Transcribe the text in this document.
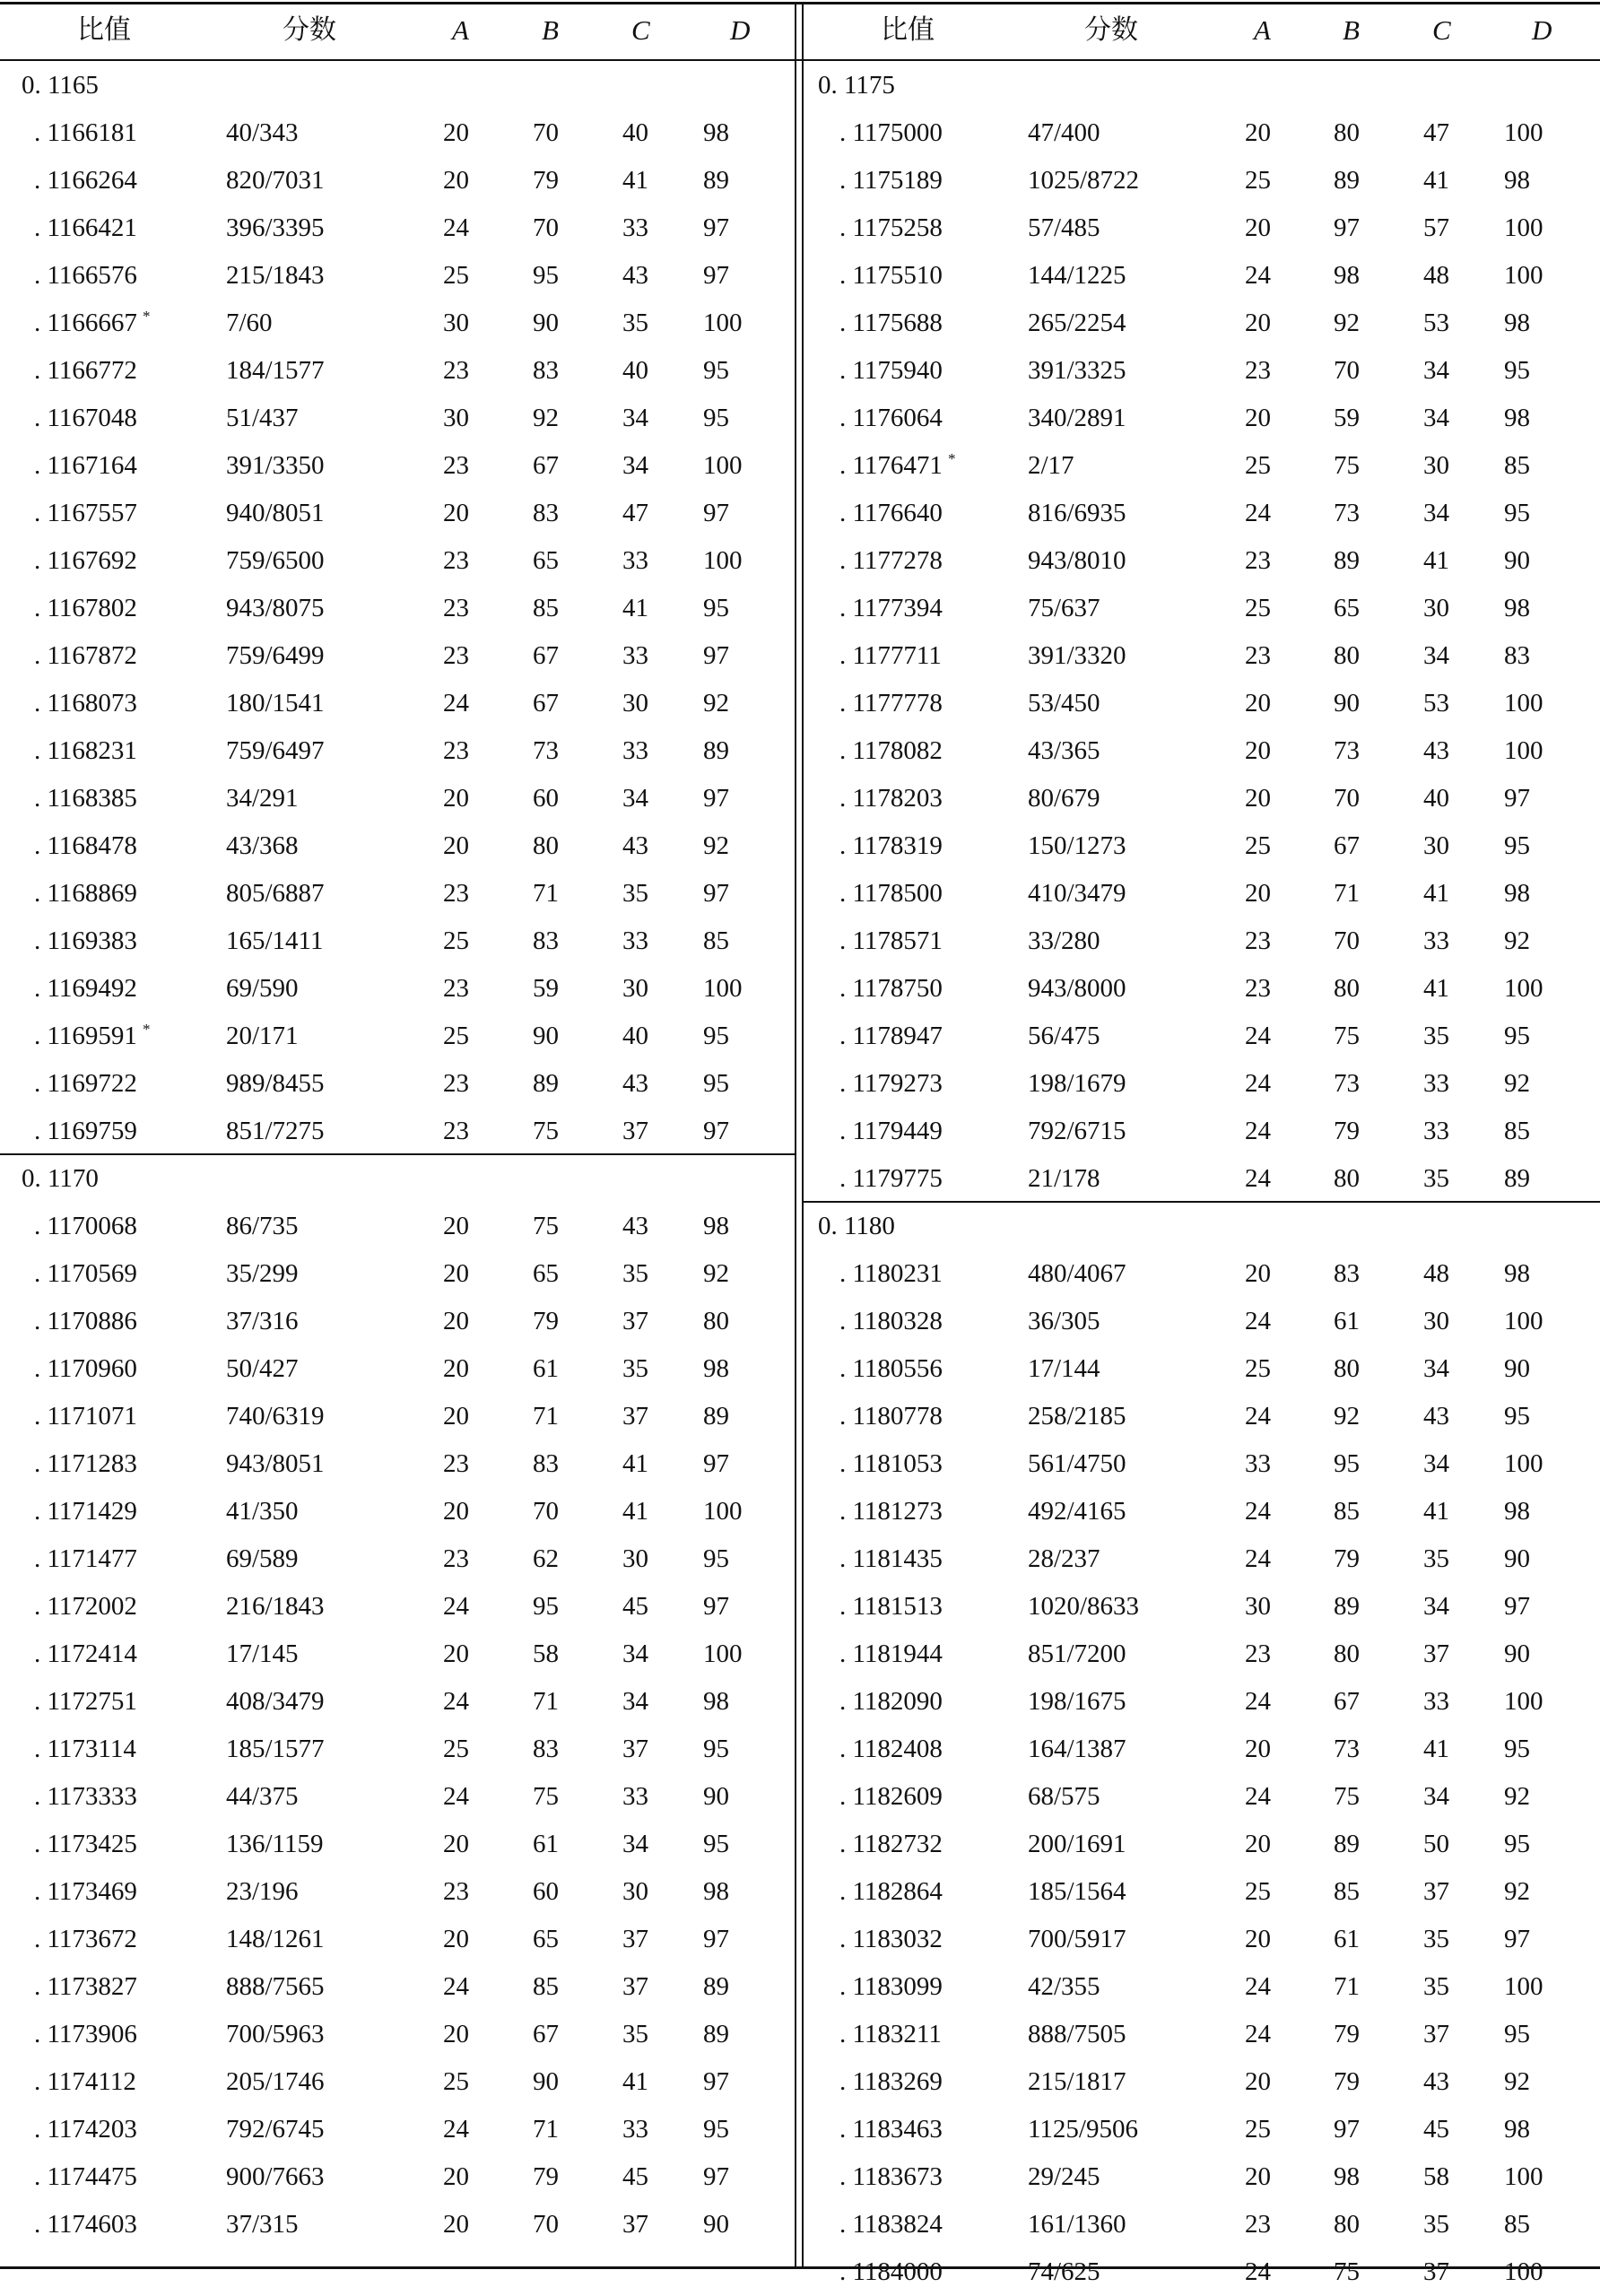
比值	分数	A	B	C	D
0. 1165
. 1166181	40/343	20 70 40 98
. 1166264	820/7031	20 79 41 89
. 1166421	396/3395	24 70 33 97
. 1166576	215/1843	25 95 43 97
. 1166667 *	7/60	30 90 35 100
. 1166772	184/1577	23 83 40 95
. 1167048	51/437	30 92 34 95
. 1167164	391/3350	23 67 34 100
. 1167557	940/8051	20 83 47 97
. 1167692	759/6500	23 65 33 100
. 1167802	943/8075	23 85 41 95
. 1167872	759/6499	23 67 33 97
. 1168073	180/1541	24 67 30 92
. 1168231	759/6497	23 73 33 89
. 1168385	34/291	20 60 34 97
. 1168478	43/368	20 80 43 92
. 1168869	805/6887	23 71 35 97
. 1169383	165/1411	25 83 33 85
. 1169492	69/590	23 59 30 100
. 1169591 *	20/171	25 90 40 95
. 1169722	989/8455	23 89 43 95
. 1169759	851/7275	23 75 37 97
0. 1170
. 1170068	86/735	20 75 43 98
. 1170569	35/299	20 65 35 92
. 1170886	37/316	20 79 37 80
. 1170960	50/427	20 61 35 98
. 1171071	740/6319	20 71 37 89
. 1171283	943/8051	23 83 41 97
. 1171429	41/350	20 70 41 100
. 1171477	69/589	23 62 30 95
. 1172002	216/1843	24 95 45 97
. 1172414	17/145	20 58 34 100
. 1172751	408/3479	24 71 34 98
. 1173114	185/1577	25 83 37 95
. 1173333	44/375	24 75 33 90
. 1173425	136/1159	20 61 34 95
. 1173469	23/196	23 60 30 98
. 1173672	148/1261	20 65 37 97
. 1173827	888/7565	24 85 37 89
. 1173906	700/5963	20 67 35 89
. 1174112	205/1746	25 90 41 97
. 1174203	792/6745	24 71 33 95
. 1174475	900/7663	20 79 45 97
. 1174603	37/315	20 70 37 90
比值	分数	A	B	C	D
0. 1175
. 1175000	47/400	20 80 47 100
. 1175189	1025/8722	25 89 41 98
. 1175258	57/485	20 97 57 100
. 1175510	144/1225	24 98 48 100
. 1175688	265/2254	20 92 53 98
. 1175940	391/3325	23 70 34 95
. 1176064	340/2891	20 59 34 98
. 1176471 *	2/17	25 75 30 85
. 1176640	816/6935	24 73 34 95
. 1177278	943/8010	23 89 41 90
. 1177394	75/637	25 65 30 98
. 1177711	391/3320	23 80 34 83
. 1177778	53/450	20 90 53 100
. 1178082	43/365	20 73 43 100
. 1178203	80/679	20 70 40 97
. 1178319	150/1273	25 67 30 95
. 1178500	410/3479	20 71 41 98
. 1178571	33/280	23 70 33 92
. 1178750	943/8000	23 80 41 100
. 1178947	56/475	24 75 35 95
. 1179273	198/1679	24 73 33 92
. 1179449	792/6715	24 79 33 85
. 1179775	21/178	24 80 35 89
0. 1180
. 1180231	480/4067	20 83 48 98
. 1180328	36/305	24 61 30 100
. 1180556	17/144	25 80 34 90
. 1180778	258/2185	24 92 43 95
. 1181053	561/4750	33 95 34 100
. 1181273	492/4165	24 85 41 98
. 1181435	28/237	24 79 35 90
. 1181513	1020/8633	30 89 34 97
. 1181944	851/7200	23 80 37 90
. 1182090	198/1675	24 67 33 100
. 1182408	164/1387	20 73 41 95
. 1182609	68/575	24 75 34 92
. 1182732	200/1691	20 89 50 95
. 1182864	185/1564	25 85 37 92
. 1183032	700/5917	20 61 35 97
. 1183099	42/355	24 71 35 100
. 1183211	888/7505	24 79 37 95
. 1183269	215/1817	20 79 43 92
. 1183463	1125/9506	25 97 45 98
. 1183673	29/245	20 98 58 100
. 1183824	161/1360	23 80 35 85
. 1184000	74/625	24 75 37 100
